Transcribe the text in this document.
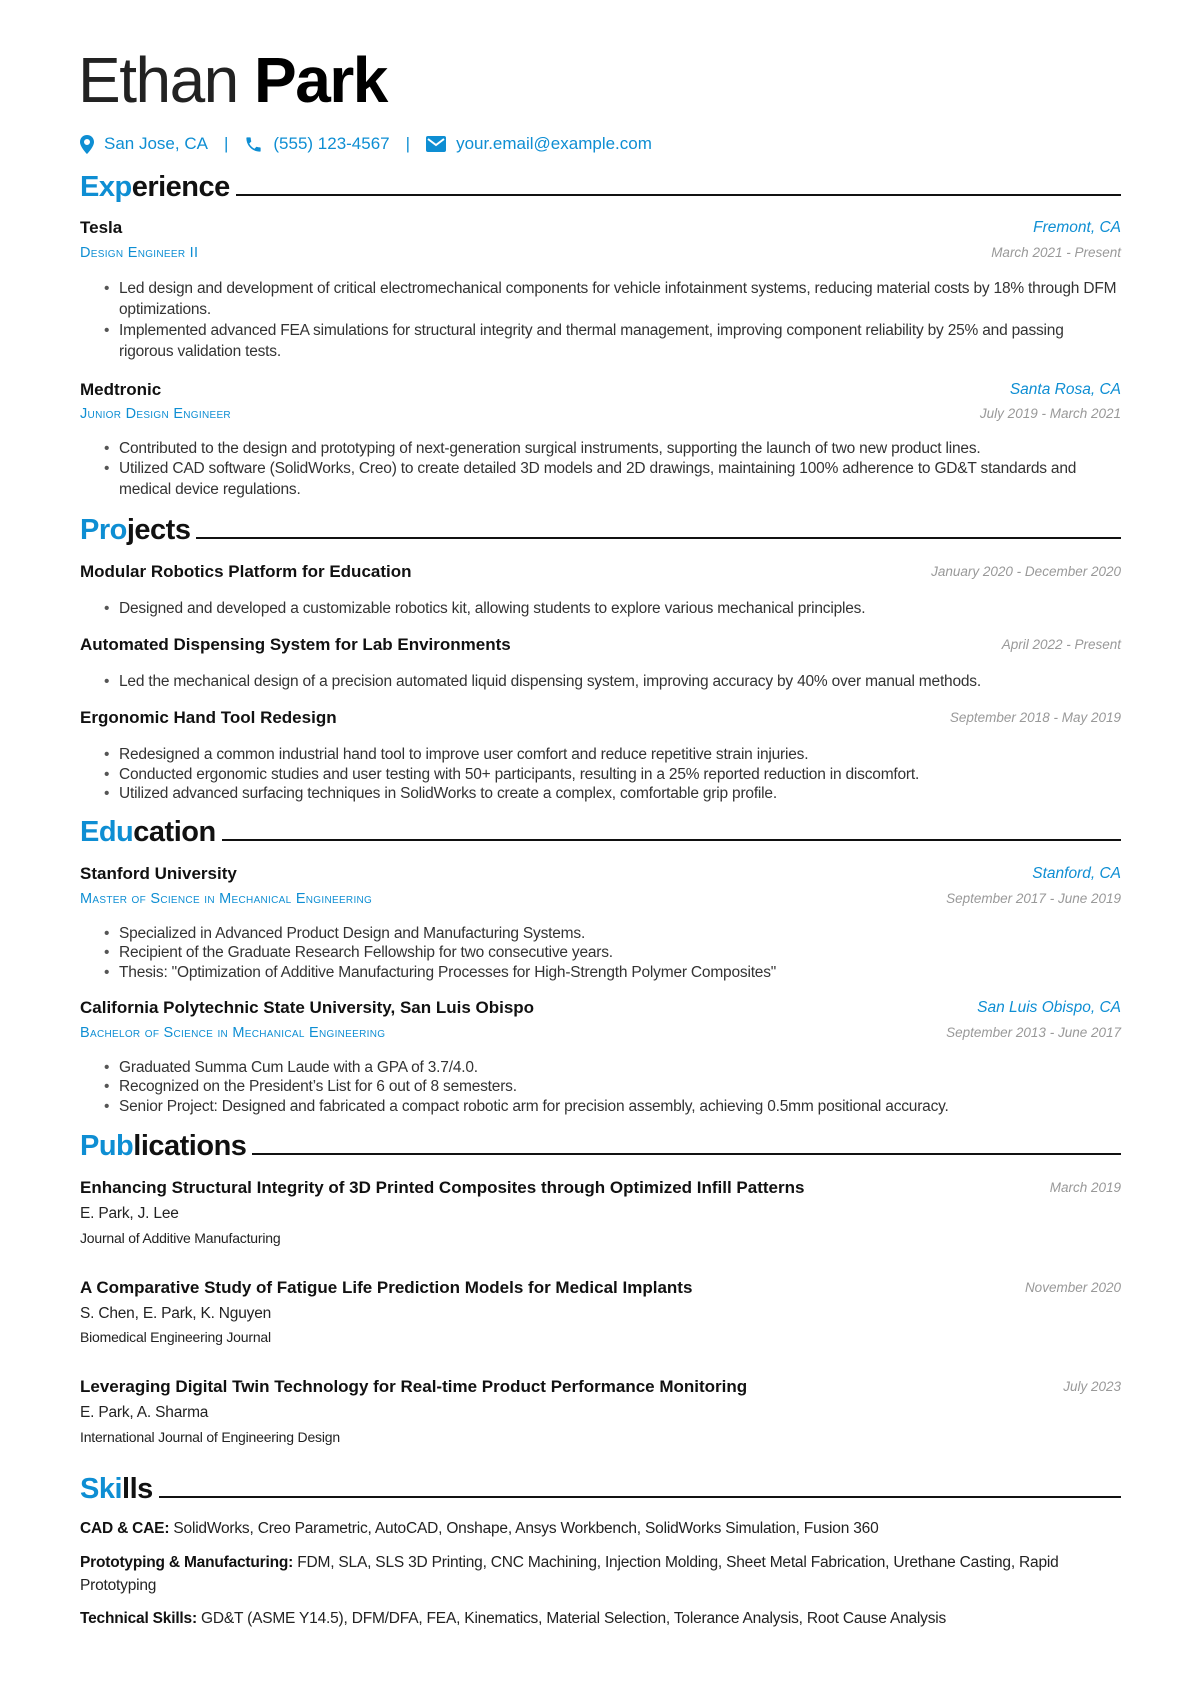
Ethan Park
San Jose, CA |	(555) 123-4567 |	your.email@example.com
Exp erience
Tesla	Fremont, CA
Design Engineer II	March 2021 - Present
• Led design and development of critical electromechanical components for vehicle infotainment systems, reducing material costs by 18% through DFM optimizations.
• Implemented advanced FEA simulations for structural integrity and thermal management, improving component reliability by 25% and passing rigorous validation tests.
Medtronic	Santa Rosa, CA
Junior Design Engineer	July 2019 - March 2021
• Contributed to the design and prototyping of next-generation surgical instruments, supporting the launch of two new product lines.
• Utilized CAD software (SolidWorks, Creo) to create detailed 3D models and 2D drawings, maintaining 100% adherence to GD&T standards and medical device regulations.
Pro jects
Modular Robotics Platform for Education	January 2020 - December 2020
• Designed and developed a customizable robotics kit, allowing students to explore various mechanical principles.
Automated Dispensing System for Lab Environments	April 2022 - Present
• Led the mechanical design of a precision automated liquid dispensing system, improving accuracy by 40% over manual methods.
Ergonomic Hand Tool Redesign	September 2018 - May 2019
• Redesigned a common industrial hand tool to improve user comfort and reduce repetitive strain injuries.
• Conducted ergonomic studies and user testing with 50+ participants, resulting in a 25% reported reduction in discomfort.
• Utilized advanced surfacing techniques in SolidWorks to create a complex, comfortable grip profile.
Edu cation
Stanford University	Stanford, CA
Master of Science in Mechanical Engineering	September 2017 - June 2019
• Specialized in Advanced Product Design and Manufacturing Systems.
• Recipient of the Graduate Research Fellowship for two consecutive years.
• Thesis: "Optimization of Additive Manufacturing Processes for High-Strength Polymer Composites"
California Polytechnic State University, San Luis Obispo	San Luis Obispo, CA
Bachelor of Science in Mechanical Engineering	September 2013 - June 2017
• Graduated Summa Cum Laude with a GPA of 3.7/4.0.
• Recognized on the President’s List for 6 out of 8 semesters.
• Senior Project: Designed and fabricated a compact robotic arm for precision assembly, achieving 0.5mm positional accuracy.
Pub lications
Enhancing Structural Integrity of 3D Printed Composites through Optimized Infill Patterns	March 2019
E. Park, J. Lee
Journal of Additive Manufacturing
A Comparative Study of Fatigue Life Prediction Models for Medical Implants	November 2020
S. Chen, E. Park, K. Nguyen
Biomedical Engineering Journal
Leveraging Digital Twin Technology for Real-time Product Performance Monitoring	July 2023
E. Park, A. Sharma
International Journal of Engineering Design
Ski lls
CAD & CAE: SolidWorks, Creo Parametric, AutoCAD, Onshape, Ansys Workbench, SolidWorks Simulation, Fusion 360
Prototyping & Manufacturing: FDM, SLA, SLS 3D Printing, CNC Machining, Injection Molding, Sheet Metal Fabrication, Urethane Casting, Rapid Prototyping
Technical Skills: GD&T (ASME Y14.5), DFM/DFA, FEA, Kinematics, Material Selection, Tolerance Analysis, Root Cause Analysis
